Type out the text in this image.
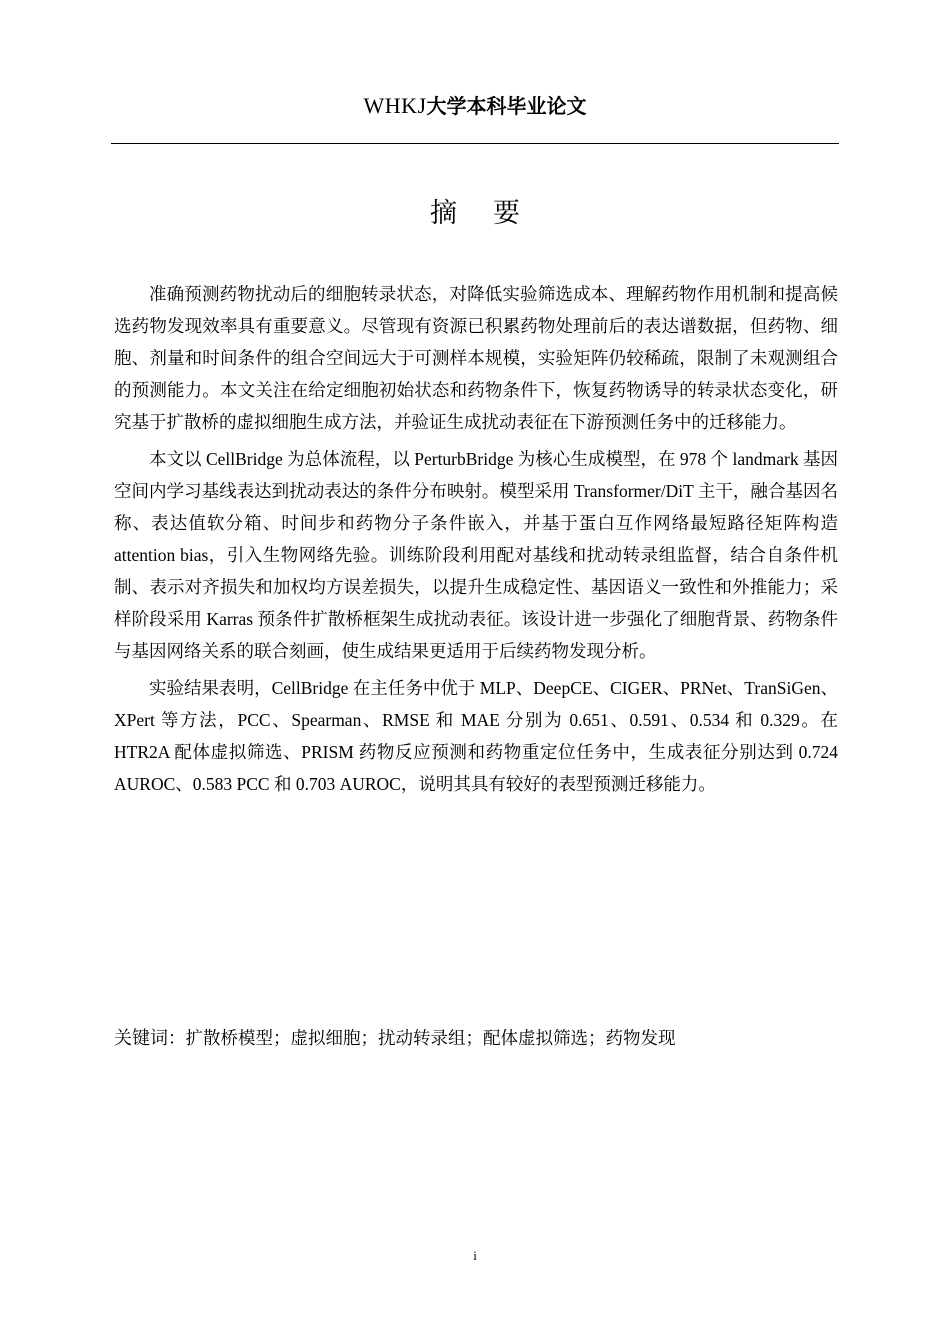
WHKJ大学本科毕业论文
摘要

准确预测药物扰动后的细胞转录状态，对降低实验筛选成本、理解药物作用机制和提高候选药物发现效率具有重要意义。尽管现有资源已积累药物处理前后的表达谱数据，但药物、细胞、剂量和时间条件的组合空间远大于可测样本规模，实验矩阵仍较稀疏，限制了未观测组合的预测能力。本文关注在给定细胞初始状态和药物条件下，恢复药物诱导的转录状态变化，研究基于扩散桥的虚拟细胞生成方法，并验证生成扰动表征在下游预测任务中的迁移能力。

本文以 CellBridge 为总体流程，以 PerturbBridge 为核心生成模型，在 978 个 landmark 基因空间内学习基线表达到扰动表达的条件分布映射。模型采用 Transformer/DiT 主干，融合基因名称、表达值软分箱、时间步和药物分子条件嵌入，并基于蛋白互作网络最短路径矩阵构造 attention bias，引入生物网络先验。训练阶段利用配对基线和扰动转录组监督，结合自条件机制、表示对齐损失和加权均方误差损失，以提升生成稳定性、基因语义一致性和外推能力；采样阶段采用 Karras 预条件扩散桥框架生成扰动表征。该设计进一步强化了细胞背景、药物条件与基因网络关系的联合刻画，使生成结果更适用于后续药物发现分析。

实验结果表明，CellBridge 在主任务中优于 MLP、DeepCE、CIGER、PRNet、TranSiGen、XPert 等方法，PCC、Spearman、RMSE 和 MAE 分别为 0.651、0.591、0.534 和 0.329。在 HTR2A 配体虚拟筛选、PRISM 药物反应预测和药物重定位任务中，生成表征分别达到 0.724 AUROC、0.583 PCC 和 0.703 AUROC，说明其具有较好的表型预测迁移能力。

关键词：扩散桥模型；虚拟细胞；扰动转录组；配体虚拟筛选；药物发现
i
